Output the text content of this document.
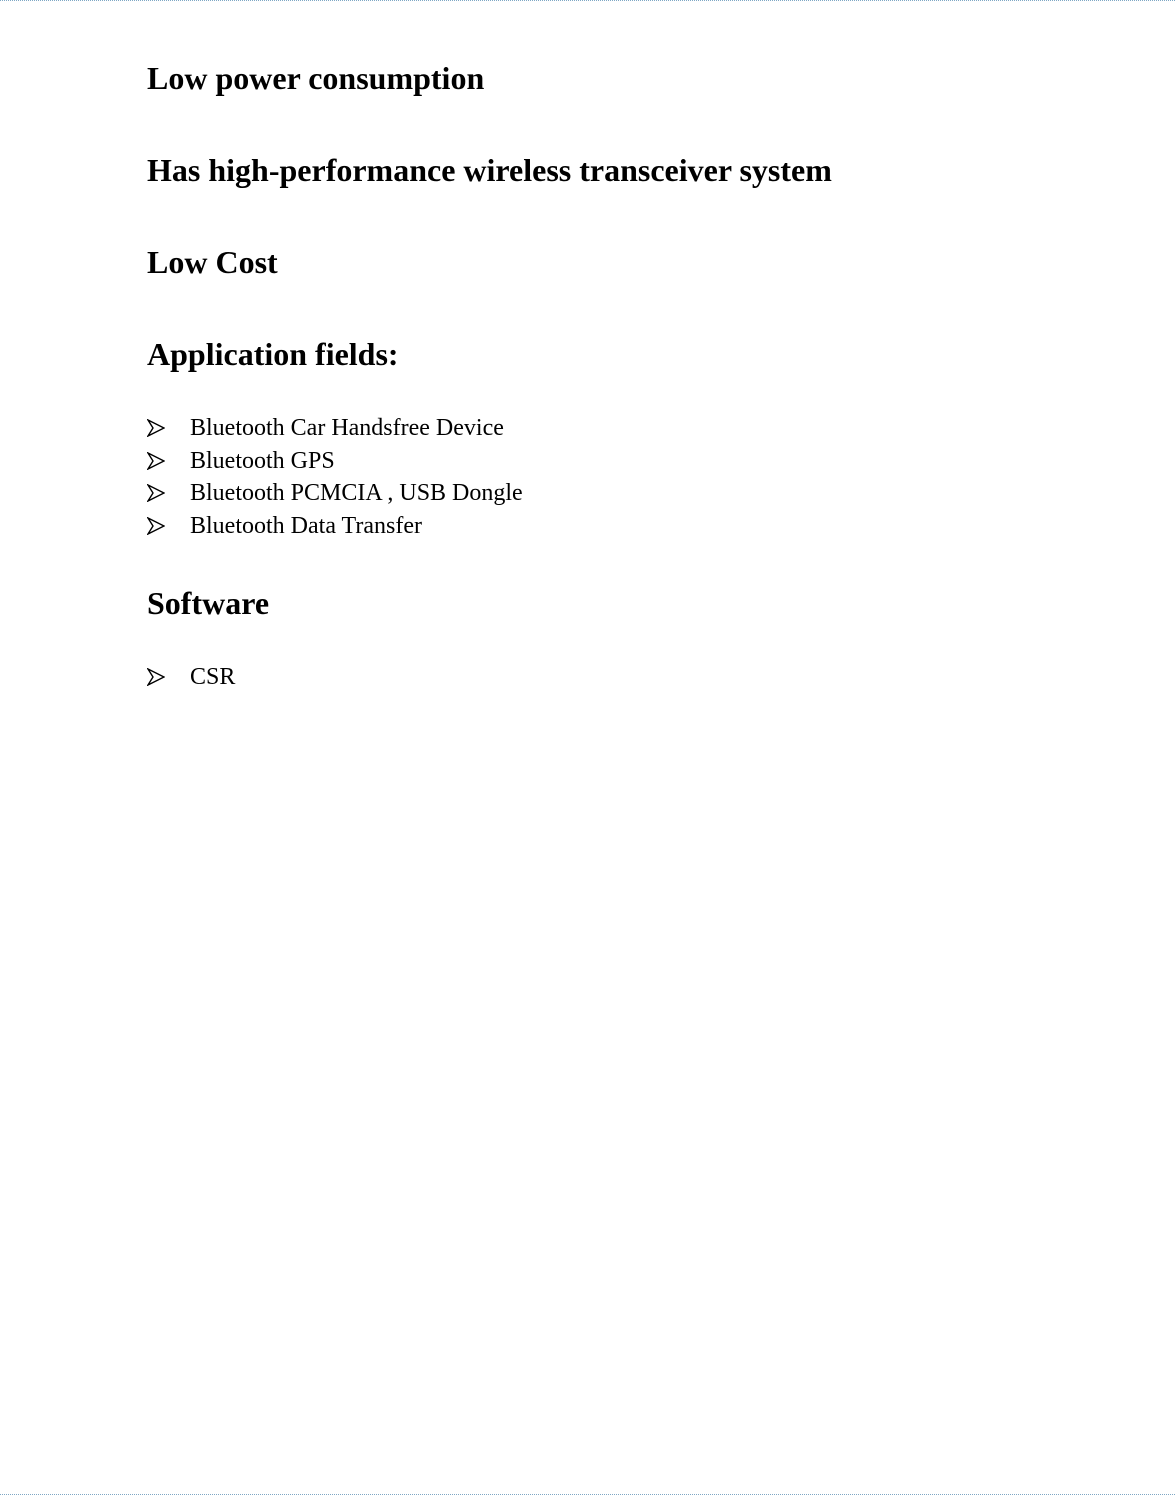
Low power consumption
Has high-performance wireless transceiver system
Low Cost
Application fields:
Bluetooth Car Handsfree Device
Bluetooth GPS
Bluetooth PCMCIA , USB Dongle
Bluetooth Data Transfer
Software
CSR
